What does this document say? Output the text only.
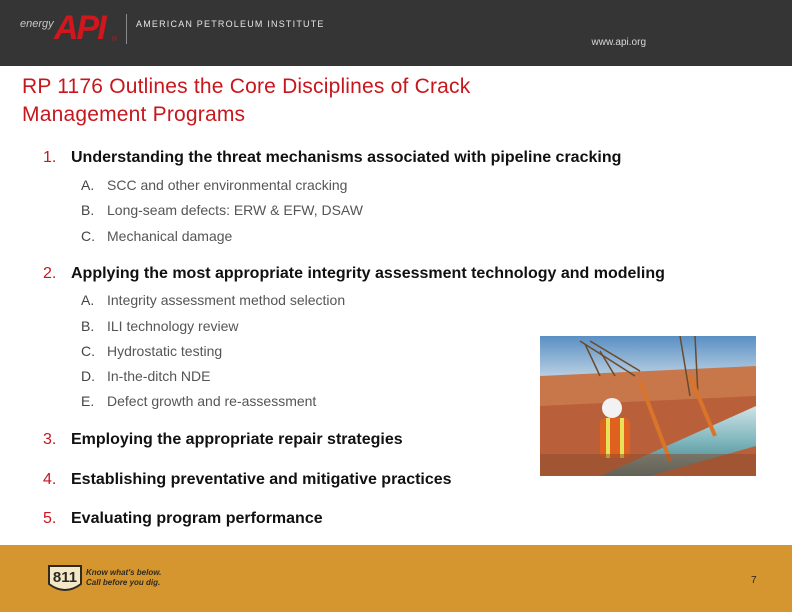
energy API ®
AMERICAN PETROLEUM INSTITUTE
www.api.org
RP 1176 Outlines the Core Disciplines of Crack Management Programs
1. Understanding the threat mechanisms associated with pipeline cracking
A. SCC and other environmental cracking
B. Long-seam defects: ERW & EFW, DSAW
C. Mechanical damage
2. Applying the most appropriate integrity assessment technology and modeling
A. Integrity assessment method selection
B. ILI technology review
C. Hydrostatic testing
D. In-the-ditch NDE
E. Defect growth and re-assessment
3. Employing the appropriate repair strategies
4. Establishing preventative and mitigative practices
5. Evaluating program performance
811 Know what's below.
Call before you dig.	7
